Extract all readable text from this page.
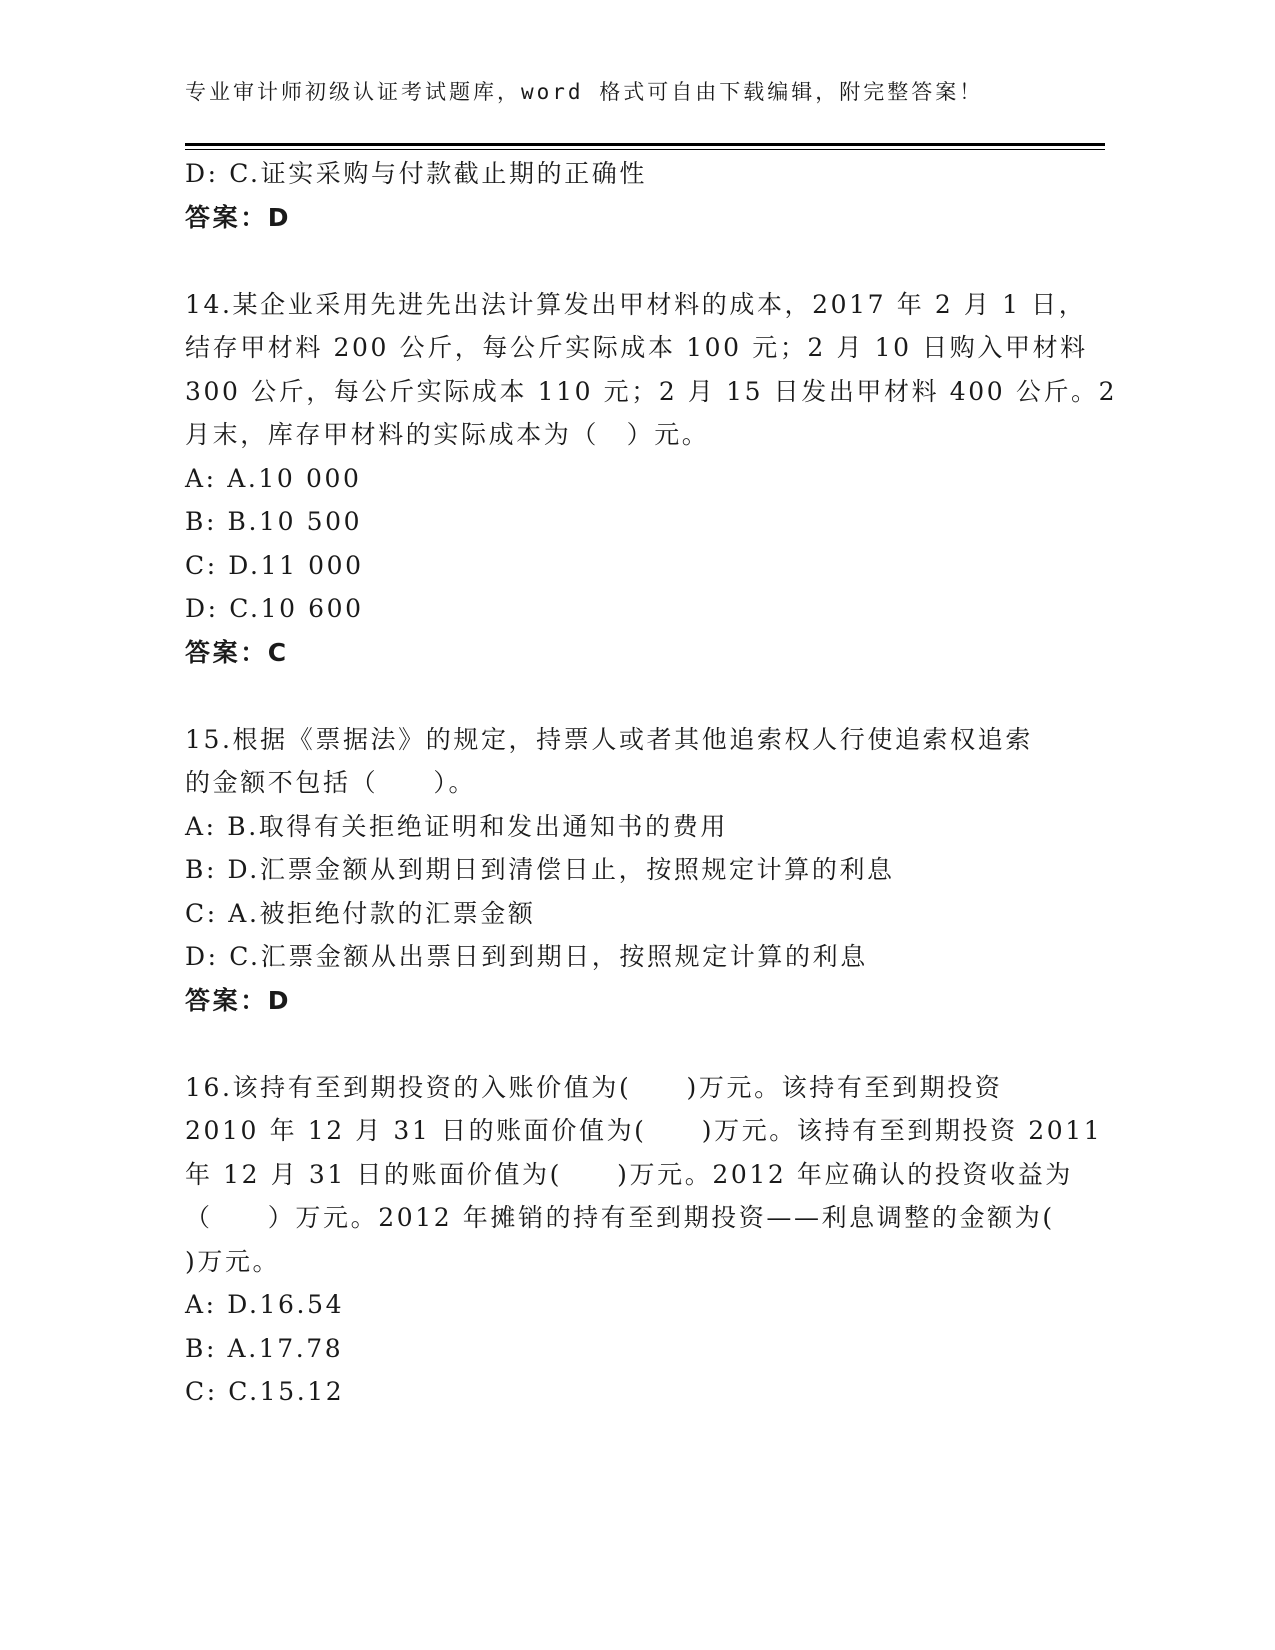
专业审计师初级认证考试题库，word 格式可自由下载编辑，附完整答案！

D: C.证实采购与付款截止期的正确性

答案：D

14.某企业采用先进先出法计算发出甲材料的成本，2017 年 2 月 1 日，

结存甲材料 200 公斤，每公斤实际成本 100 元；2 月 10 日购入甲材料

300 公斤，每公斤实际成本 110 元；2 月 15 日发出甲材料 400 公斤。2

月末，库存甲材料的实际成本为（　）元。

A: A.10 000

B: B.10 500

C: D.11 000

D: C.10 600

答案：C

15.根据《票据法》的规定，持票人或者其他追索权人行使追索权追索

的金额不包括（　　）。

A: B.取得有关拒绝证明和发出通知书的费用

B: D.汇票金额从到期日到清偿日止，按照规定计算的利息

C: A.被拒绝付款的汇票金额

D: C.汇票金额从出票日到到期日，按照规定计算的利息

答案：D

16.该持有至到期投资的入账价值为(　　)万元。该持有至到期投资

2010 年 12 月 31 日的账面价值为(　　)万元。该持有至到期投资 2011

年 12 月 31 日的账面价值为(　　)万元。2012 年应确认的投资收益为

（　　）万元。2012 年摊销的持有至到期投资——利息调整的金额为(

)万元。

A: D.16.54

B: A.17.78

C: C.15.12
